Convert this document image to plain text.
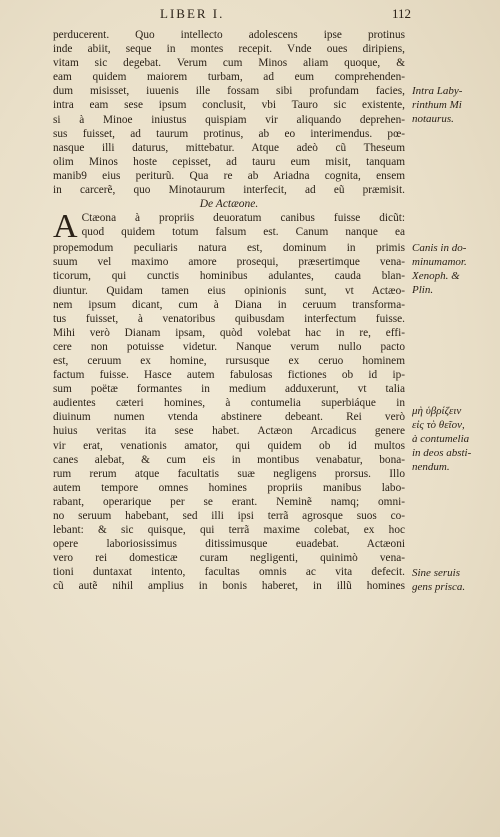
LIBER I.	112
perducerent. Quo intellecto adolescens ipse protinus
inde abiit, seque in montes recepit. Vnde oues diripiens,
vitam sic degebat. Verum cum Minos aliam quoque, &
eam quidem maiorem turbam, ad eum comprehenden-
dum misisset, iuuenis ille fossam sibi profundam facies,
intra eam sese ipsum conclusit, vbi Tauro sic existente,
si à Minoe iniustus quispiam vir aliquando deprehen-
sus fuisset, ad taurum protinus, ab eo interimendus. pœ-
nasque illi daturus, mittebatur. Atque adeò cũ Theseum
olim Minos hoste cepisset, ad tauru eum misit, tanquam
manib9 eius periturũ. Qua re ab Ariadna cognita, ensem
in carcerẽ, quo Minotaurum interfecit, ad eũ præmisit.
De Actæone.
A Ctæona à propriis deuoratum canibus fuisse dicũt:
quod quidem totum falsum est. Canum nanque ea
propemodum peculiaris natura est, dominum in primis
suum vel maximo amore prosequi, præsertimque vena-
ticorum, qui cunctis hominibus adulantes, cauda blan-
diuntur. Quidam tamen eius opinionis sunt, vt Actæo-
nem ipsum dicant, cum à Diana in ceruum transforma-
tus fuisset, à venatoribus quibusdam interfectum fuisse.
Mihi verò Dianam ipsam, quòd volebat hac in re, effi-
cere non potuisse videtur. Nanque verum nullo pacto
est, ceruum ex homine, rursusque ex ceruo hominem
factum fuisse. Hasce autem fabulosas fictiones ob id ip-
sum poëtæ formantes in medium adduxerunt, vt talia
audientes cæteri homines, à contumelia superbiáque in
diuinum numen vtenda abstinere debeant. Rei verò
huius veritas ita sese habet. Actæon Arcadicus genere
vir erat, venationis amator, qui quidem ob id multos
canes alebat, & cum eis in montibus venabatur, bona-
rum rerum atque facultatis suæ negligens prorsus. Illo
autem tempore omnes homines propriis manibus labo-
rabant, operarique per se erant. Neminẽ namq; omni-
no seruum habebant, sed illi ipsi terrã agrosque suos co-
lebant: & sic quisque, qui terrã maxime colebat, ex hoc
opere laboriosissimus ditissimusque euadebat. Actæoni
vero rei domesticæ curam negligenti, quinimò vena-
tioni duntaxat intento, facultas omnis ac vita defecit.
cũ autẽ nihil amplius in bonis haberet, in illũ homines
Intra Laby-
rinthum Mi
notaurus.
Canis in do-
minumamor.
Xenoph. &
Plin.
μὴ ὑβρίζειν
εἰς τὸ θεῖον,
à contumelia
in deos absti-
nendum.
Sine seruis
gens prisca.
